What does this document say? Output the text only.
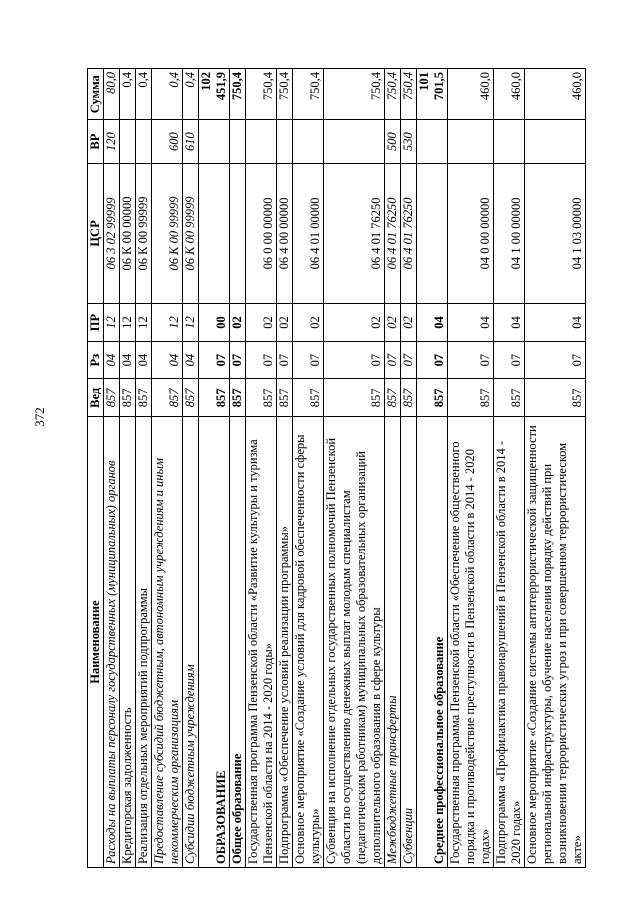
372
Наименование	Вед	Рз	ПР	ЦСР	ВР	Сумма
Расходы на выплаты персоналу государственных (муниципальных) органов	857	04	12	06 3 02 99999	120	80,0
Кредиторская задолженность	857	04	12	06 К 00 00000		0,4
Реализация отдельных мероприятий подпрограммы	857	04	12	06 К 00 99999		0,4
Предоставление субсидий бюджетным, автономным учреждениям и иным некоммерческим организациям	857	04	12	06 К 00 99999	600	0,4
Субсидии бюджетным учреждениям	857	04	12	06 К 00 99999	610	0,4
ОБРАЗОВАНИЕ	857	07	00			102 451,9
Общее образование	857	07	02			750,4
Государственная программа Пензенской области «Развитие культуры и туризма Пензенской области на 2014 - 2020 годы»	857	07	02	06 0 00 00000		750,4
Подпрограмма «Обеспечение условий реализации программы»	857	07	02	06 4 00 00000		750,4
Основное мероприятие «Создание условий для кадровой обеспеченности сферы культуры»	857	07	02	06 4 01 00000		750,4
Субвенция на исполнение отдельных государственных полномочий Пензенской области по осуществлению денежных выплат молодым специалистам (педагогическим работникам) муниципальных образовательных организаций дополнительного образования в сфере культуры	857	07	02	06 4 01 76250		750,4
Межбюджетные трансферты	857	07	02	06 4 01 76250	500	750,4
Субвенции	857	07	02	06 4 01 76250	530	750,4
Среднее профессиональное образование	857	07	04			101 701,5
Государственная программа Пензенской области «Обеспечение общественного порядка и противодействие преступности в Пензенской области в 2014 - 2020 годах»	857	07	04	04 0 00 00000		460,0
Подпрограмма «Профилактика правонарушений в Пензенской области в 2014 - 2020 годах»	857	07	04	04 1 00 00000		460,0
Основное мероприятие «Создание системы антитеррористической защищенности региональной инфраструктуры, обучение населения порядку действий при возникновении террористических угроз и при совершенном террористическом акте»	857	07	04	04 1 03 00000		460,0
